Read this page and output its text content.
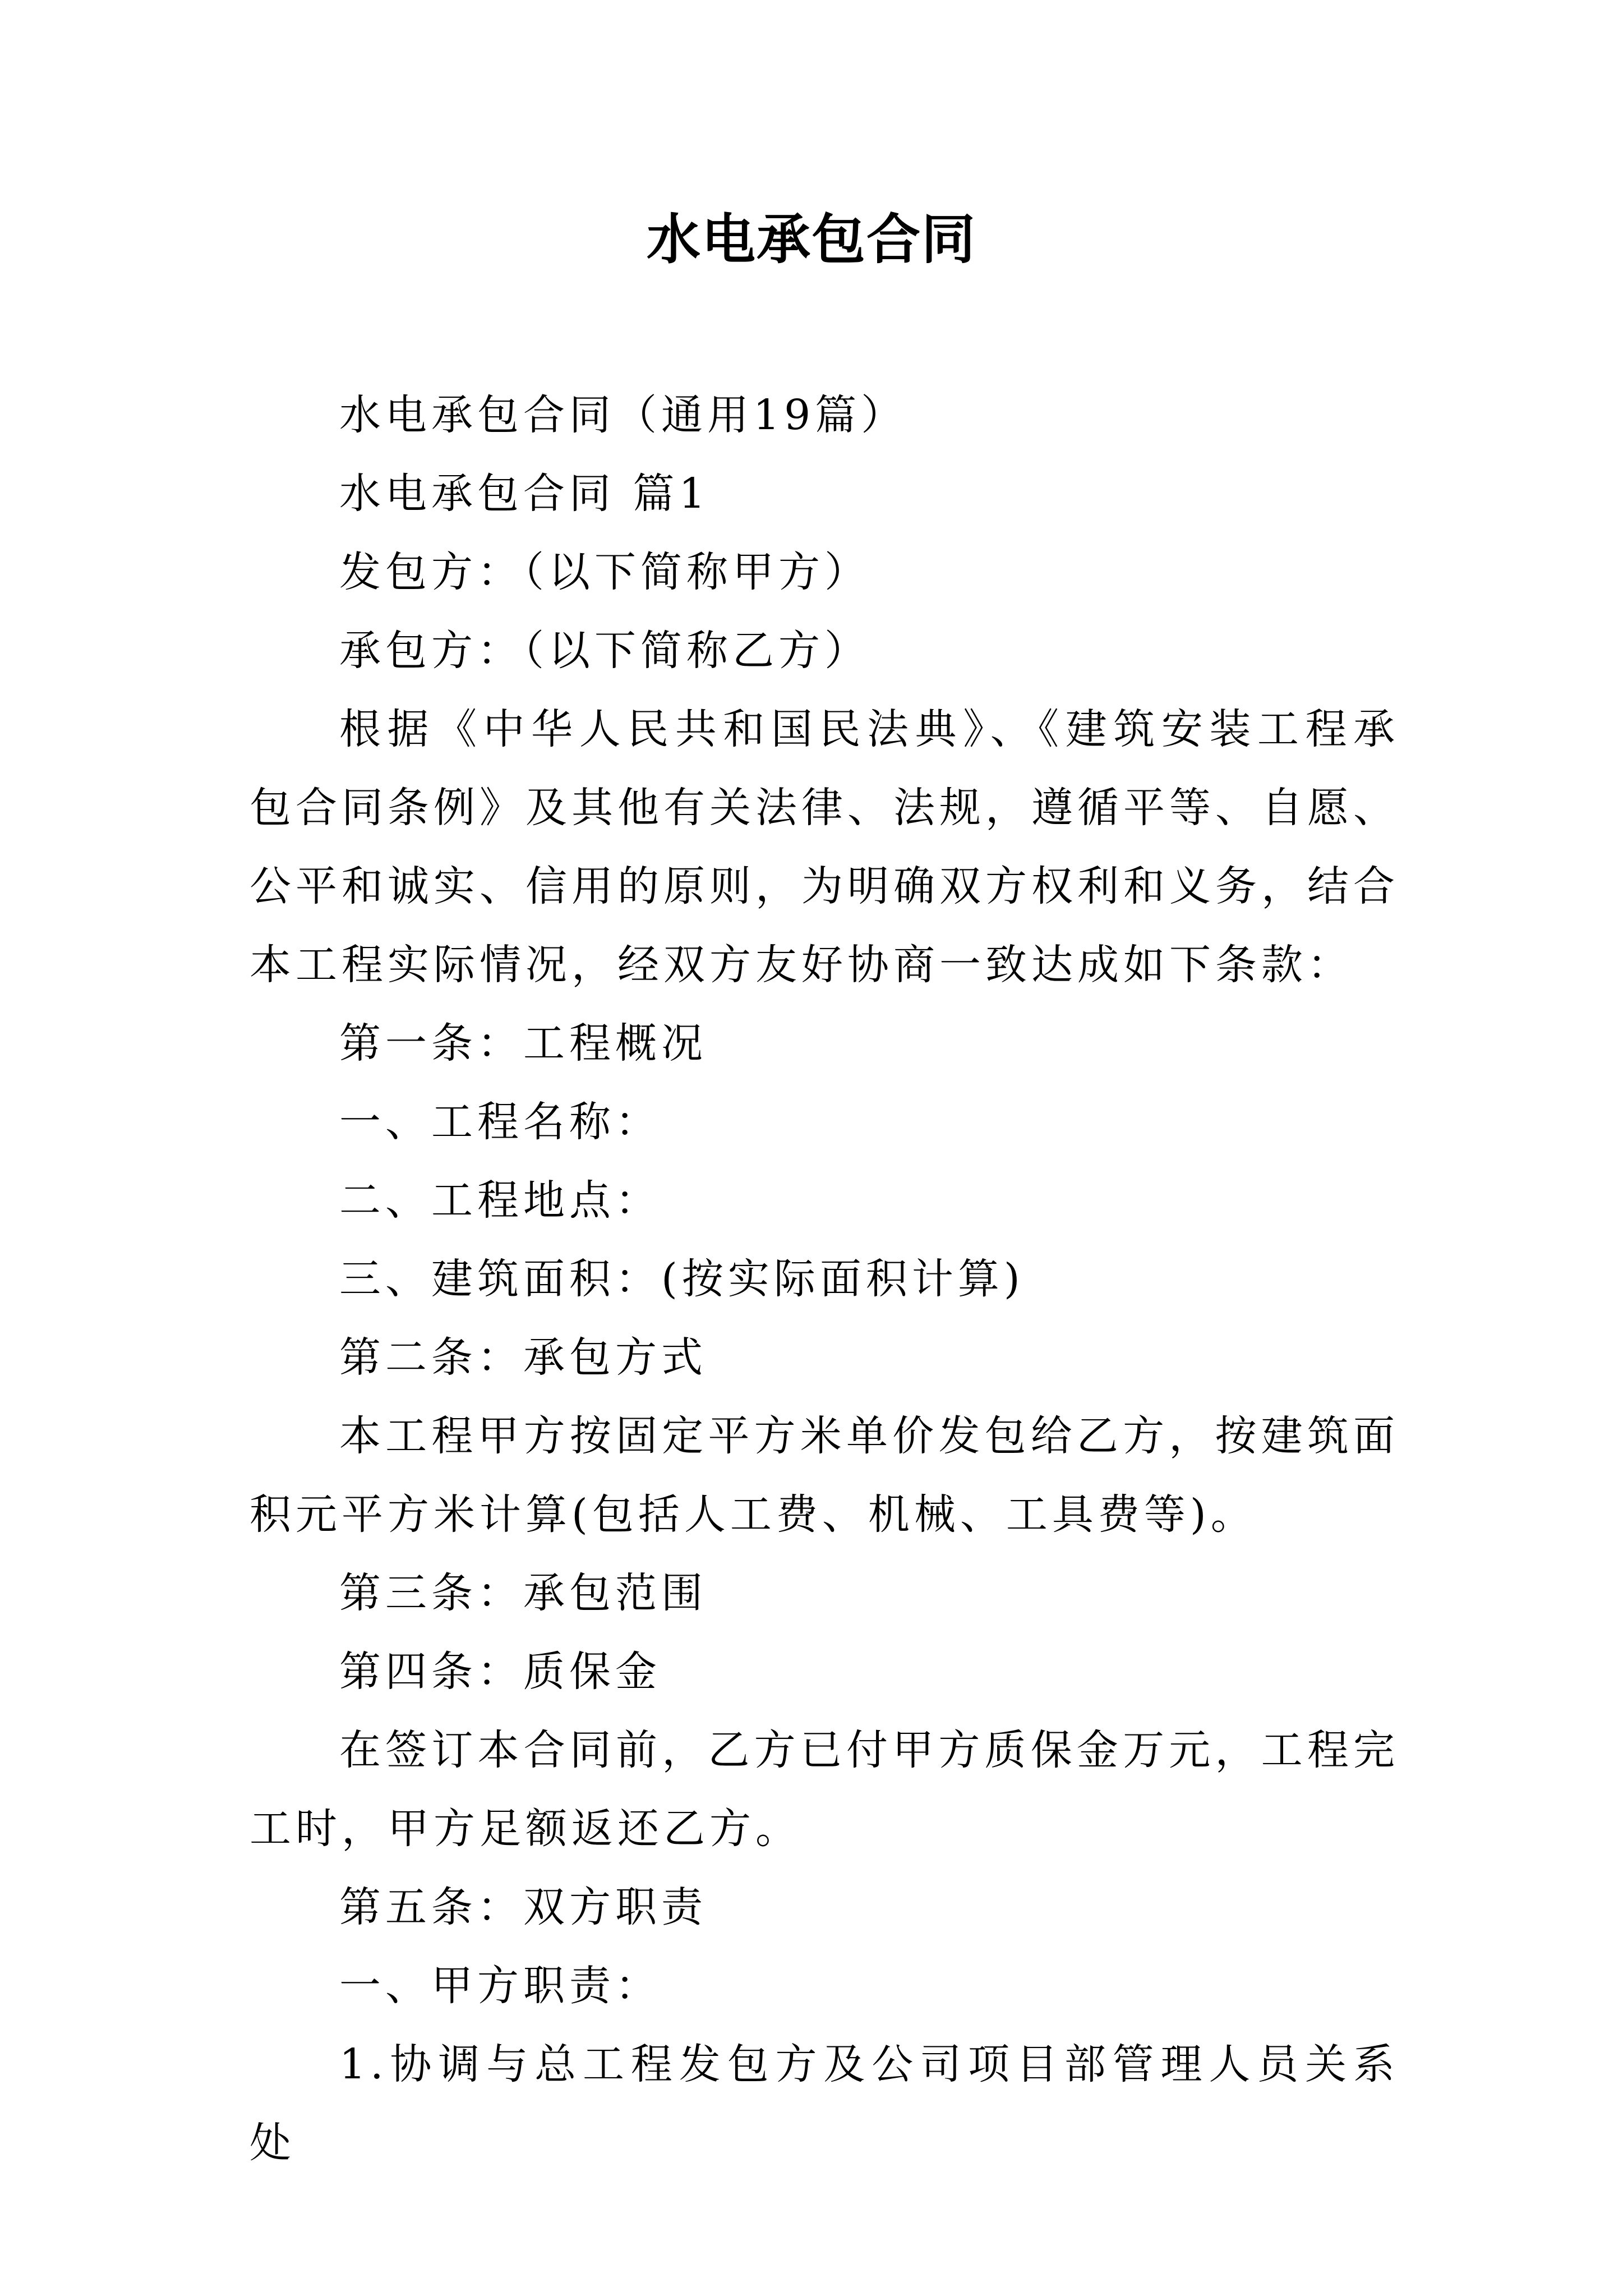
水电承包合同

水电承包合同（通用19篇）

水电承包合同 篇1

发包方：（以下简称甲方）

承包方：（以下简称乙方）

根据《中华人民共和国民法典》、《建筑安装工程承包合同条例》及其他有关法律、法规，遵循平等、自愿、公平和诚实、信用的原则，为明确双方权利和义务，结合本工程实际情况，经双方友好协商一致达成如下条款：

第一条：工程概况

一、工程名称：

二、工程地点：

三、建筑面积：(按实际面积计算)

第二条：承包方式

本工程甲方按固定平方米单价发包给乙方，按建筑面积元平方米计算(包括人工费、机械、工具费等)。

第三条：承包范围

第四条：质保金

在签订本合同前，乙方已付甲方质保金万元，工程完工时，甲方足额返还乙方。

第五条：双方职责

一、甲方职责：

1.协调与总工程发包方及公司项目部管理人员关系处
